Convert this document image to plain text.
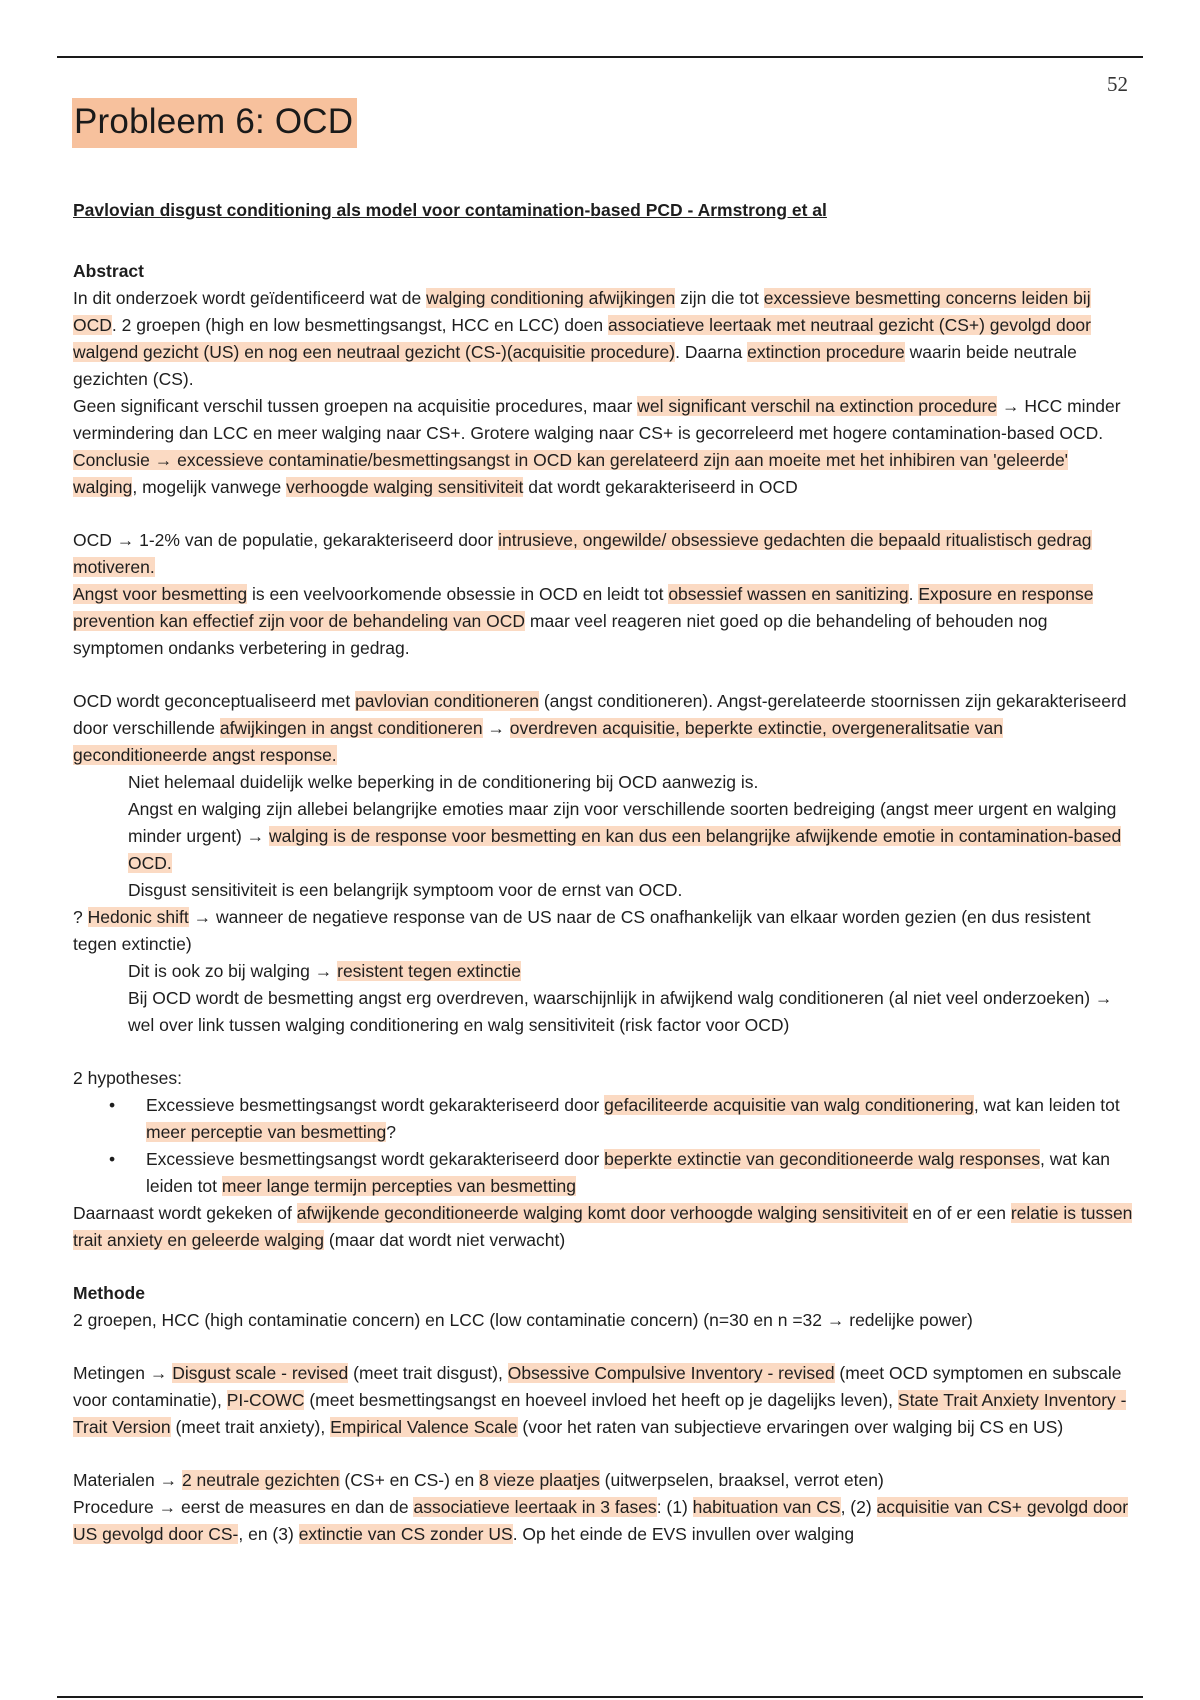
52
Probleem 6: OCD
Pavlovian disgust conditioning als model voor contamination-based PCD - Armstrong et al

Abstract

In dit onderzoek wordt geïdentificeerd wat de walging conditioning afwijkingen zijn die tot excessieve besmetting concerns leiden bij OCD. 2 groepen (high en low besmettingsangst, HCC en LCC) doen associatieve leertaak met neutraal gezicht (CS+) gevolgd door walgend gezicht (US) en nog een neutraal gezicht (CS-)(acquisitie procedure). Daarna extinction procedure waarin beide neutrale gezichten (CS).

Geen significant verschil tussen groepen na acquisitie procedures, maar wel significant verschil na extinction procedure → HCC minder vermindering dan LCC en meer walging naar CS+. Grotere walging naar CS+ is gecorreleerd met hogere contamination-based OCD.

Conclusie → excessieve contaminatie/besmettingsangst in OCD kan gerelateerd zijn aan moeite met het inhibiren van 'geleerde' walging, mogelijk vanwege verhoogde walging sensitiviteit dat wordt gekarakteriseerd in OCD

OCD → 1-2% van de populatie, gekarakteriseerd door intrusieve, ongewilde/ obsessieve gedachten die bepaald ritualistisch gedrag motiveren.

Angst voor besmetting is een veelvoorkomende obsessie in OCD en leidt tot obsessief wassen en sanitizing. Exposure en response prevention kan effectief zijn voor de behandeling van OCD maar veel reageren niet goed op die behandeling of behouden nog symptomen ondanks verbetering in gedrag.

OCD wordt geconceptualiseerd met pavlovian conditioneren (angst conditioneren). Angst-gerelateerde stoornissen zijn gekarakteriseerd door verschillende afwijkingen in angst conditioneren → overdreven acquisitie, beperkte extinctie, overgeneralitsatie van geconditioneerde angst response.

Niet helemaal duidelijk welke beperking in de conditionering bij OCD aanwezig is.

Angst en walging zijn allebei belangrijke emoties maar zijn voor verschillende soorten bedreiging (angst meer urgent en walging minder urgent) → walging is de response voor besmetting en kan dus een belangrijke afwijkende emotie in contamination-based OCD.

Disgust sensitiviteit is een belangrijk symptoom voor de ernst van OCD.

? Hedonic shift → wanneer de negatieve response van de US naar de CS onafhankelijk van elkaar worden gezien (en dus resistent tegen extinctie)

Dit is ook zo bij walging → resistent tegen extinctie

Bij OCD wordt de besmetting angst erg overdreven, waarschijnlijk in afwijkend walg conditioneren (al niet veel onderzoeken) → wel over link tussen walging conditionering en walg sensitiviteit (risk factor voor OCD)

2 hypotheses:

• Excessieve besmettingsangst wordt gekarakteriseerd door gefaciliteerde acquisitie van walg conditionering, wat kan leiden tot meer perceptie van besmetting?
• Excessieve besmettingsangst wordt gekarakteriseerd door beperkte extinctie van geconditioneerde walg responses, wat kan leiden tot meer lange termijn percepties van besmetting

Daarnaast wordt gekeken of afwijkende geconditioneerde walging komt door verhoogde walging sensitiviteit en of er een relatie is tussen trait anxiety en geleerde walging (maar dat wordt niet verwacht)

Methode

2 groepen, HCC (high contaminatie concern) en LCC (low contaminatie concern) (n=30 en n =32 → redelijke power)

Metingen → Disgust scale - revised (meet trait disgust), Obsessive Compulsive Inventory - revised (meet OCD symptomen en subscale voor contaminatie), PI-COWC (meet besmettingsangst en hoeveel invloed het heeft op je dagelijks leven), State Trait Anxiety Inventory - Trait Version (meet trait anxiety), Empirical Valence Scale (voor het raten van subjectieve ervaringen over walging bij CS en US)

Materialen → 2 neutrale gezichten (CS+ en CS-) en 8 vieze plaatjes (uitwerpselen, braaksel, verrot eten)

Procedure → eerst de measures en dan de associatieve leertaak in 3 fases: (1) habituation van CS, (2) acquisitie van CS+ gevolgd door US gevolgd door CS-, en (3) extinctie van CS zonder US. Op het einde de EVS invullen over walging
